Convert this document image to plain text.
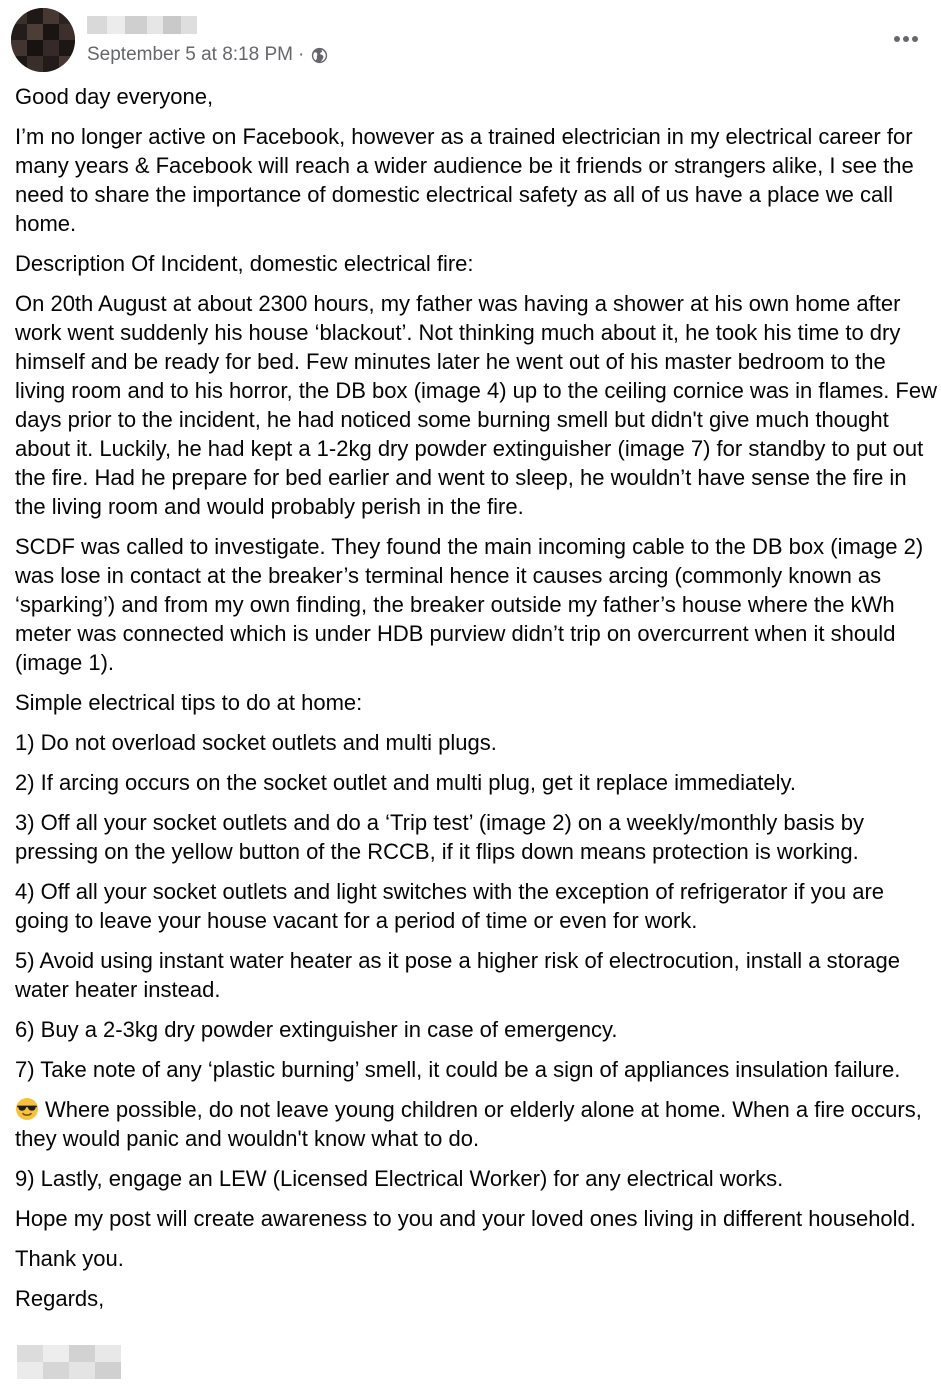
September 5 at 8:18 PM ·

Good day everyone,

I’m no longer active on Facebook, however as a trained electrician in my electrical career for many years & Facebook will reach a wider audience be it friends or strangers alike, I see the need to share the importance of domestic electrical safety as all of us have a place we call home.

Description Of Incident, domestic electrical fire:

On 20th August at about 2300 hours, my father was having a shower at his own home after work went suddenly his house ‘blackout’. Not thinking much about it, he took his time to dry himself and be ready for bed. Few minutes later he went out of his master bedroom to the living room and to his horror, the DB box (image 4) up to the ceiling cornice was in flames. Few days prior to the incident, he had noticed some burning smell but didn't give much thought about it. Luckily, he had kept a 1-2kg dry powder extinguisher (image 7) for standby to put out the fire. Had he prepare for bed earlier and went to sleep, he wouldn’t have sense the fire in the living room and would probably perish in the fire.

SCDF was called to investigate. They found the main incoming cable to the DB box (image 2) was lose in contact at the breaker’s terminal hence it causes arcing (commonly known as ‘sparking’) and from my own finding, the breaker outside my father’s house where the kWh meter was connected which is under HDB purview didn’t trip on overcurrent when it should (image 1).

Simple electrical tips to do at home:

1) Do not overload socket outlets and multi plugs.

2) If arcing occurs on the socket outlet and multi plug, get it replace immediately.

3) Off all your socket outlets and do a ‘Trip test’ (image 2) on a weekly/monthly basis by pressing on the yellow button of the RCCB, if it flips down means protection is working.

4) Off all your socket outlets and light switches with the exception of refrigerator if you are going to leave your house vacant for a period of time or even for work.

5) Avoid using instant water heater as it pose a higher risk of electrocution, install a storage water heater instead.

6) Buy a 2-3kg dry powder extinguisher in case of emergency.

7) Take note of any ‘plastic burning’ smell, it could be a sign of appliances insulation failure.

Where possible, do not leave young children or elderly alone at home. When a fire occurs, they would panic and wouldn't know what to do.

9) Lastly, engage an LEW (Licensed Electrical Worker) for any electrical works.

Hope my post will create awareness to you and your loved ones living in different household.

Thank you.

Regards,
